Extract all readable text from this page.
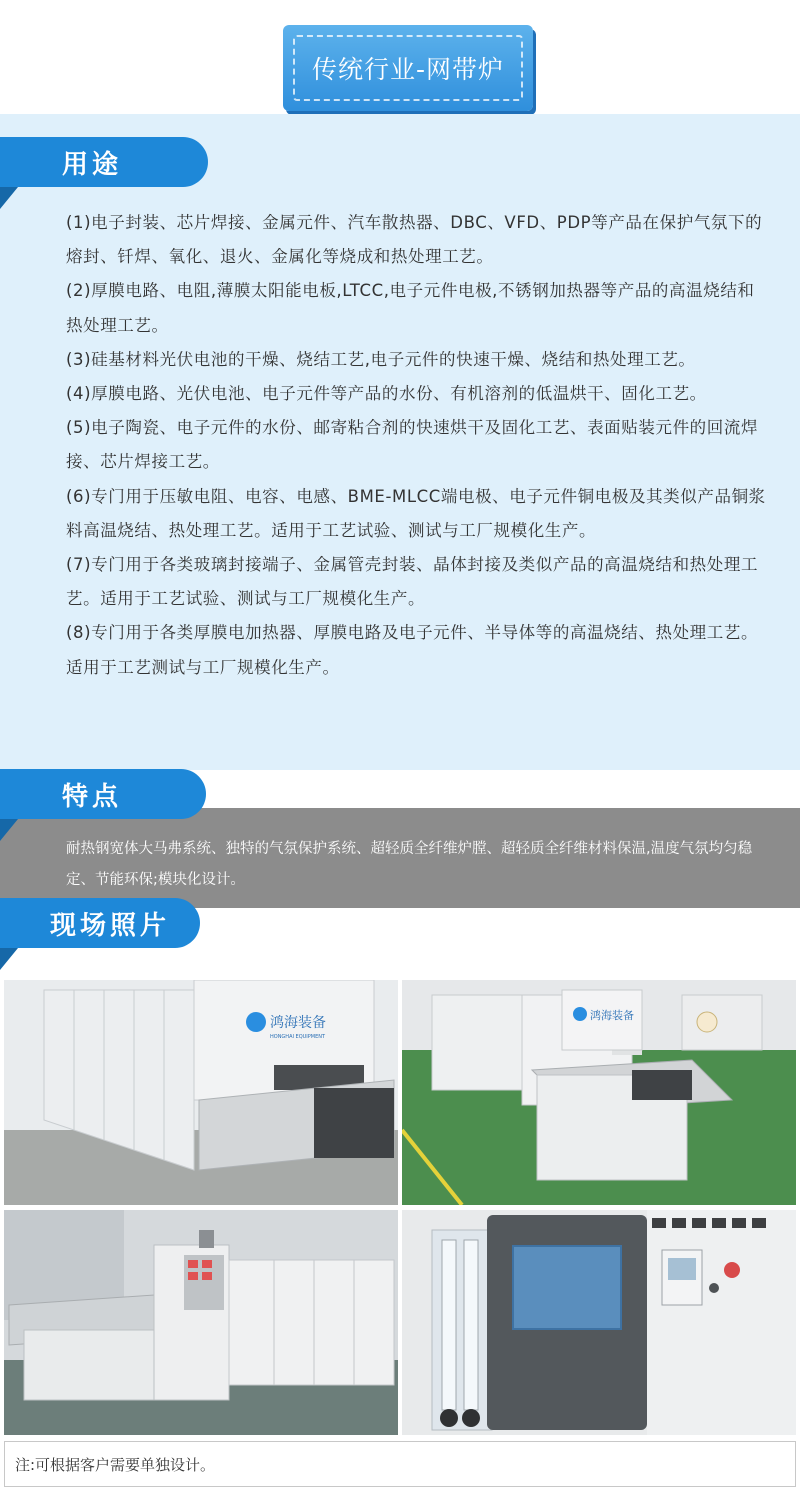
传统行业-网带炉
用途
(1)电子封装、芯片焊接、金属元件、汽车散热器、DBC、VFD、PDP等产品在保护气氛下的熔封、钎焊、氧化、退火、金属化等烧成和热处理工艺。
(2)厚膜电路、电阻,薄膜太阳能电板,LTCC,电子元件电极,不锈钢加热器等产品的高温烧结和热处理工艺。
(3)硅基材料光伏电池的干燥、烧结工艺,电子元件的快速干燥、烧结和热处理工艺。
(4)厚膜电路、光伏电池、电子元件等产品的水份、有机溶剂的低温烘干、固化工艺。
(5)电子陶瓷、电子元件的水份、邮寄粘合剂的快速烘干及固化工艺、表面贴装元件的回流焊接、芯片焊接工艺。
(6)专门用于压敏电阻、电容、电感、BME-MLCC端电极、电子元件铜电极及其类似产品铜浆料高温烧结、热处理工艺。适用于工艺试验、测试与工厂规模化生产。
(7)专门用于各类玻璃封接端子、金属管壳封装、晶体封接及类似产品的高温烧结和热处理工艺。适用于工艺试验、测试与工厂规模化生产。
(8)专门用于各类厚膜电加热器、厚膜电路及电子元件、半导体等的高温烧结、热处理工艺。适用于工艺测试与工厂规模化生产。
特点
耐热钢宽体大马弗系统、独特的气氛保护系统、超轻质全纤维炉膛、超轻质全纤维材料保温,温度气氛均匀稳定、节能环保;模块化设计。
现场照片
鸿海装备
HONGHAI EQUIPMENT
鸿海装备
注:可根据客户需要单独设计。
